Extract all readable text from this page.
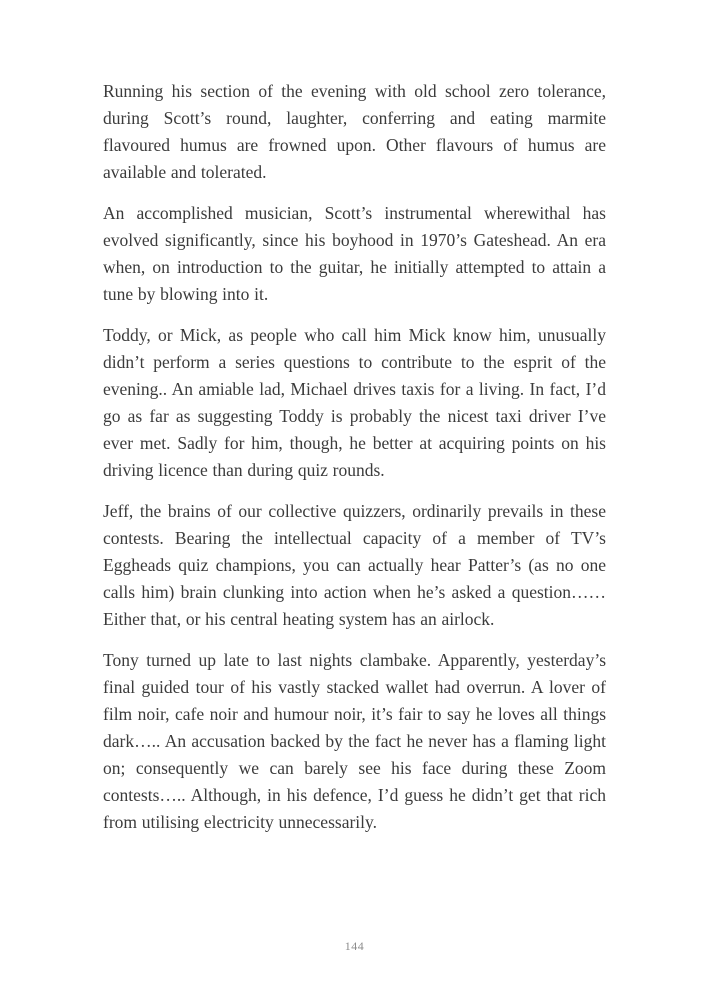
Running his section of the evening with old school zero tolerance, during Scott’s round, laughter, conferring and eating marmite flavoured humus are frowned upon. Other flavours of humus are available and tolerated.

An accomplished musician, Scott’s instrumental wherewithal has evolved significantly, since his boyhood in 1970’s Gateshead. An era when, on introduction to the guitar, he initially attempted to attain a tune by blowing into it.

Toddy, or Mick, as people who call him Mick know him, unusually didn’t perform a series questions to contribute to the esprit of the evening.. An amiable lad, Michael drives taxis for a living. In fact, I’d go as far as suggesting Toddy is probably the nicest taxi driver I’ve ever met. Sadly for him, though, he better at acquiring points on his driving licence than during quiz rounds.

Jeff, the brains of our collective quizzers, ordinarily prevails in these contests. Bearing the intellectual capacity of a member of TV’s Eggheads quiz champions, you can actually hear Patter’s (as no one calls him) brain clunking into action when he’s asked a question…… Either that, or his central heating system has an airlock.

Tony turned up late to last nights clambake. Apparently, yesterday’s final guided tour of his vastly stacked wallet had overrun. A lover of film noir, cafe noir and humour noir, it’s fair to say he loves all things dark….. An accusation backed by the fact he never has a flaming light on; consequently we can barely see his face during these Zoom contests….. Although, in his defence, I’d guess he didn’t get that rich from utilising electricity unnecessarily.

144
